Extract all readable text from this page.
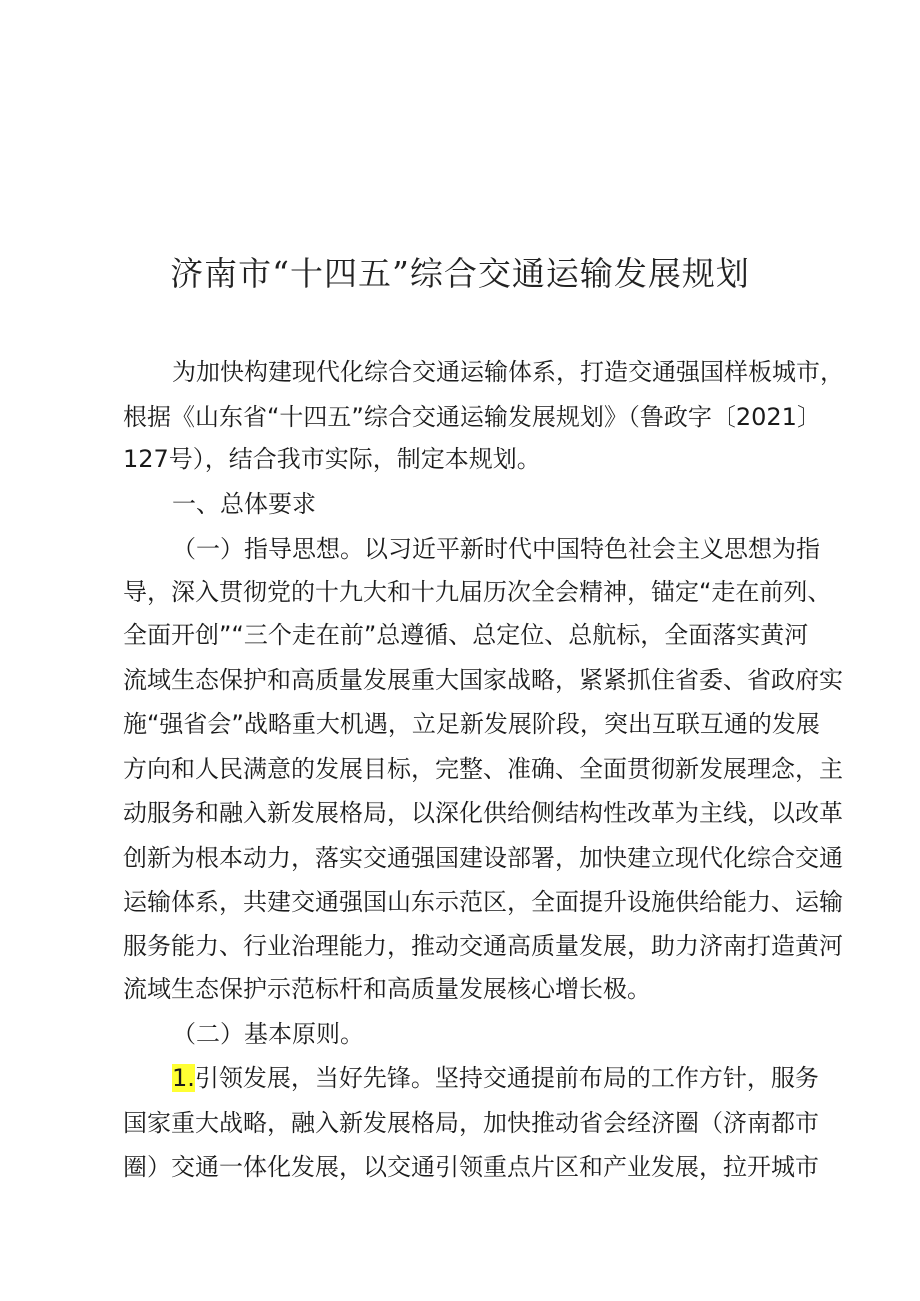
济南市“十四五”综合交通运输发展规划
为加快构建现代化综合交通运输体系，打造交通强国样板城市，
根据《山东省“十四五”综合交通运输发展规划》（鲁政字〔2021〕
127号），结合我市实际，制定本规划。
一、总体要求
（一）指导思想。以习近平新时代中国特色社会主义思想为指
导，深入贯彻党的十九大和十九届历次全会精神，锚定“走在前列、
全面开创”“三个走在前”总遵循、总定位、总航标，全面落实黄河
流域生态保护和高质量发展重大国家战略，紧紧抓住省委、省政府实
施“强省会”战略重大机遇，立足新发展阶段，突出互联互通的发展
方向和人民满意的发展目标，完整、准确、全面贯彻新发展理念，主
动服务和融入新发展格局，以深化供给侧结构性改革为主线，以改革
创新为根本动力，落实交通强国建设部署，加快建立现代化综合交通
运输体系，共建交通强国山东示范区，全面提升设施供给能力、运输
服务能力、行业治理能力，推动交通高质量发展，助力济南打造黄河
流域生态保护示范标杆和高质量发展核心增长极。
（二）基本原则。
1.引领发展，当好先锋。坚持交通提前布局的工作方针，服务
国家重大战略，融入新发展格局，加快推动省会经济圈（济南都市
圈）交通一体化发展，以交通引领重点片区和产业发展，拉开城市
